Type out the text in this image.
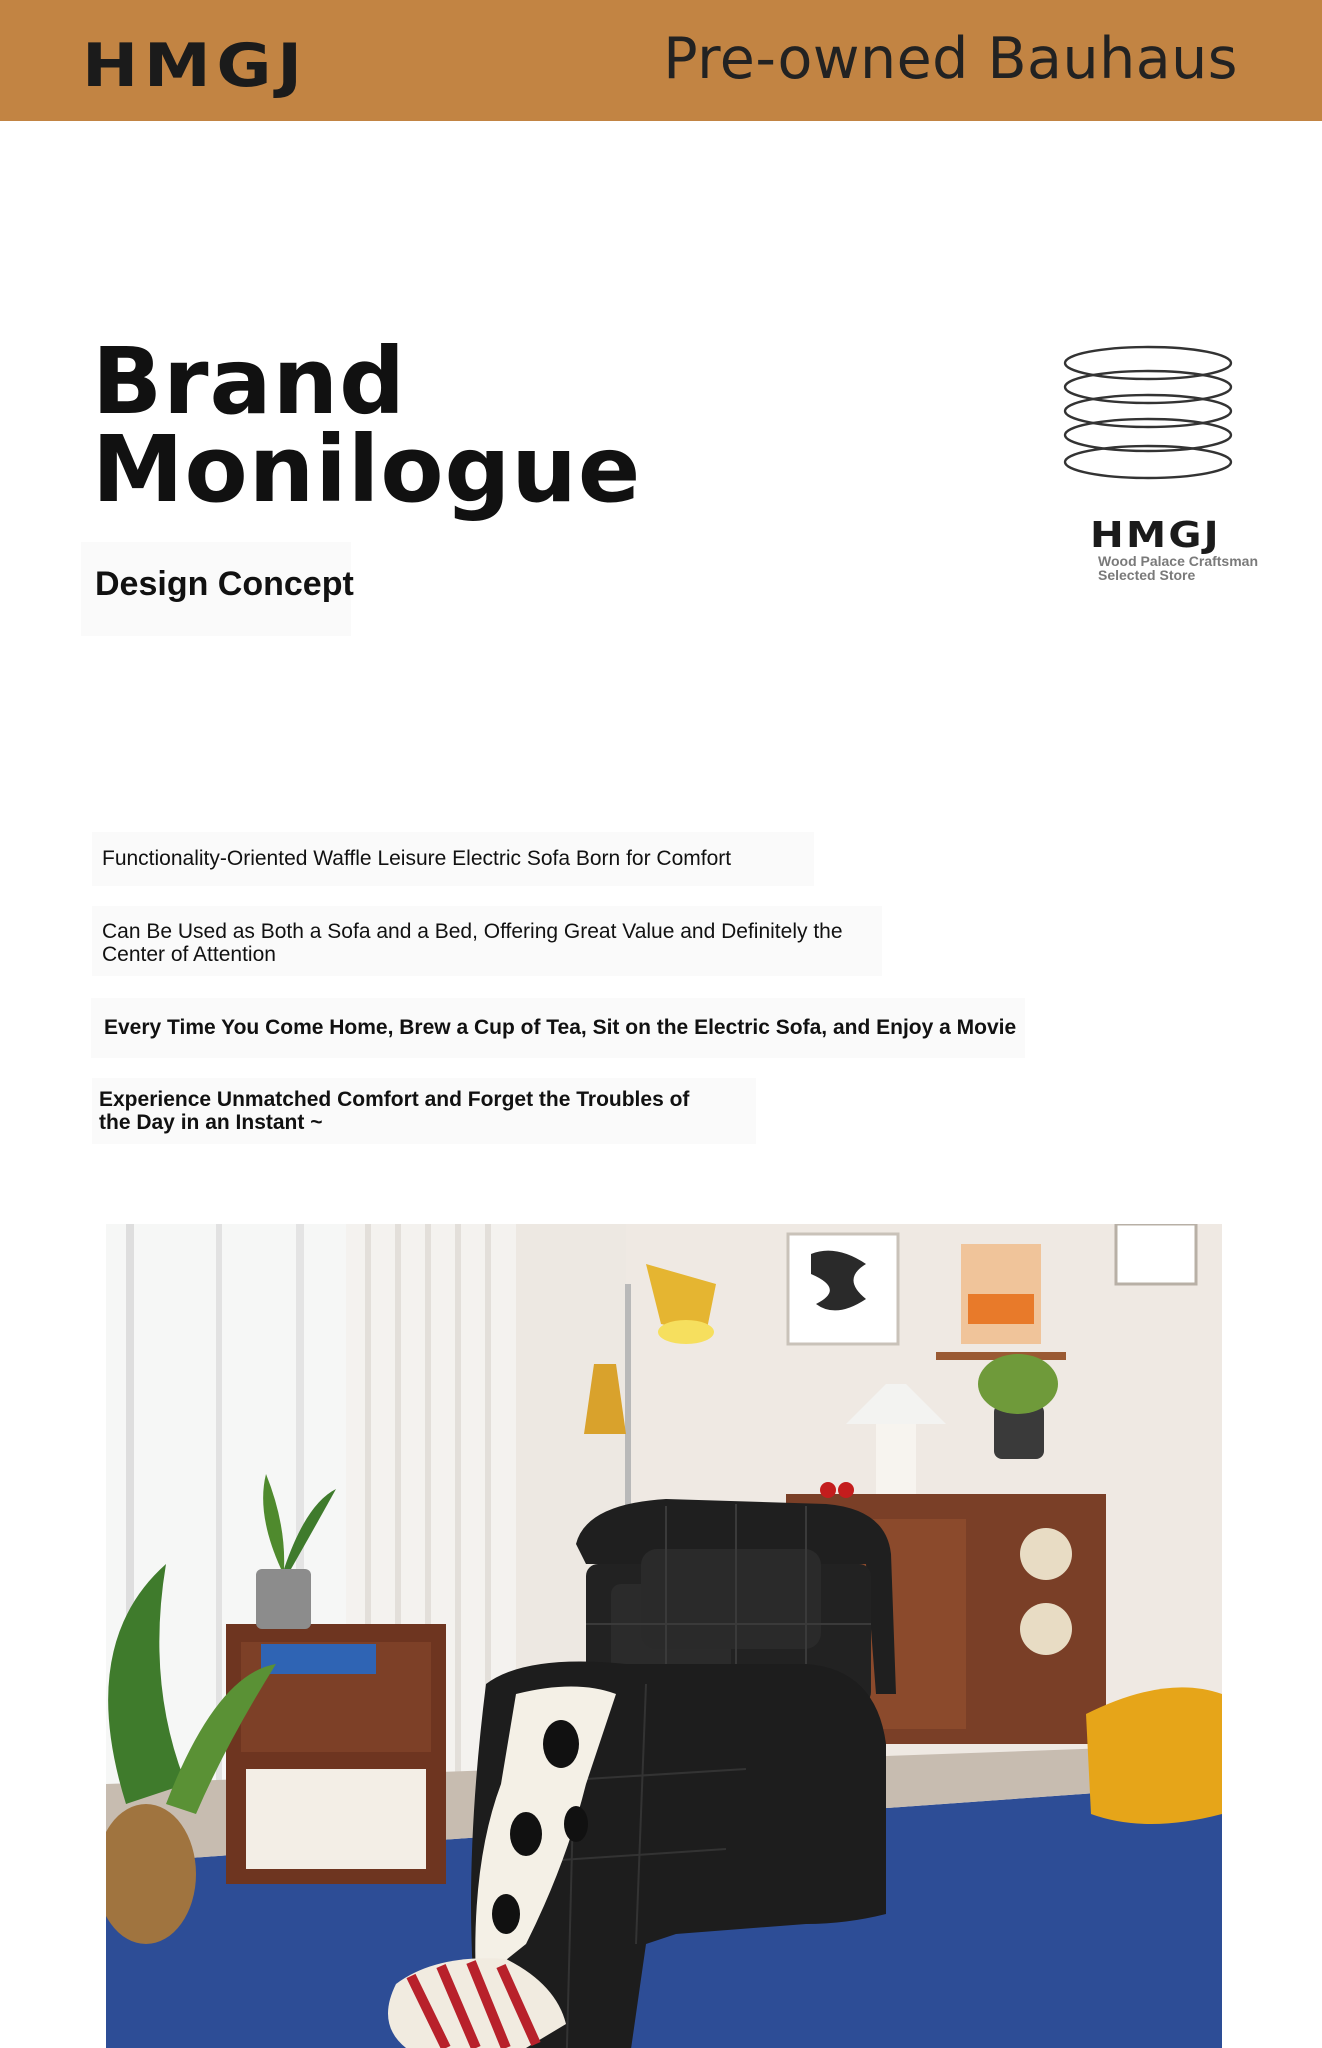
HMGJ	Pre-owned Bauhaus
Brand
Monilogue
Design Concept
HMGJ
Wood Palace Craftsman
Selected Store
Functionality-Oriented Waffle Leisure Electric Sofa Born for Comfort
Can Be Used as Both a Sofa and a Bed, Offering Great Value and Definitely the
Center of Attention
Every Time You Come Home, Brew a Cup of Tea, Sit on the Electric Sofa, and Enjoy a Movie
Experience Unmatched Comfort and Forget the Troubles of
the Day in an Instant ~
